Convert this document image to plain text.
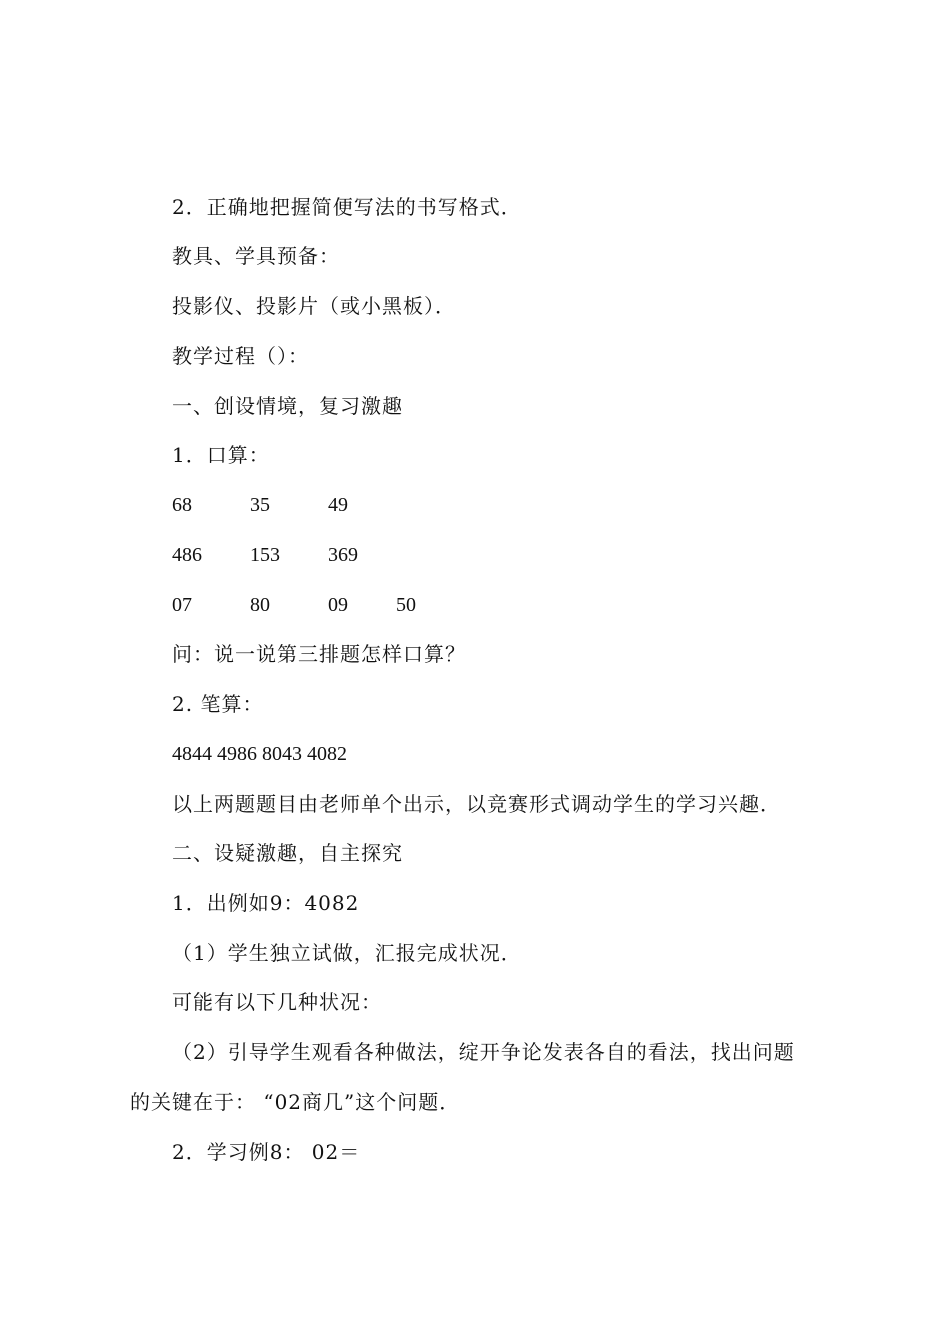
2．正确地把握简便写法的书写格式．
教具、学具预备：
投影仪、投影片（或小黑板）．
教学过程（）：
一、创设情境，复习激趣
1．口算：
68	35	49
486 153 369
07	80	09 50
问：说一说第三排题怎样口算？
2. 笔算：
4844 4986 8043 4082
以上两题题目由老师单个出示，以竞赛形式调动学生的学习兴趣．
二、设疑激趣，自主探究
1．出例如9：4082
（1）学生独立试做，汇报完成状况．
可能有以下几种状况：
（2）引导学生观看各种做法，绽开争论发表各自的看法，找出问题
的关键在于： “02商几”这个问题．
2．学习例8： 02＝
